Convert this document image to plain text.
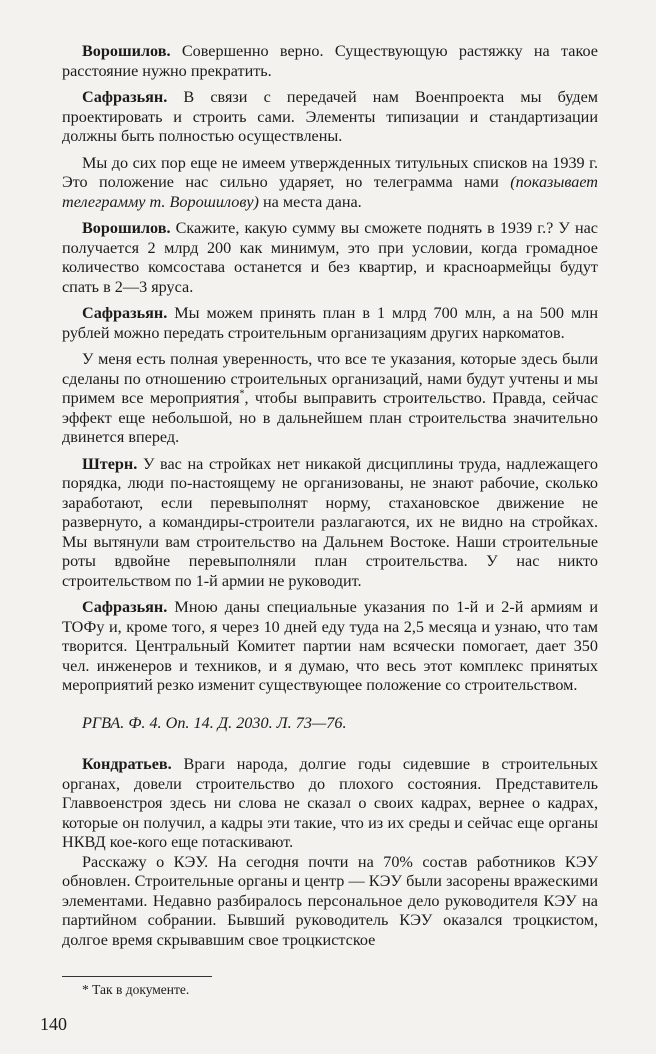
Ворошилов. Совершенно верно. Существующую растяжку на такое расстояние нужно прекратить.

Сафразьян. В связи с передачей нам Военпроекта мы будем проектировать и строить сами. Элементы типизации и стандартизации должны быть полностью осуществлены.

Мы до сих пор еще не имеем утвержденных титульных списков на 1939 г. Это положение нас сильно ударяет, но телеграмма нами (показывает телеграмму т. Ворошилову) на места дана.

Ворошилов. Скажите, какую сумму вы сможете поднять в 1939 г.? У нас получается 2 млрд 200 как минимум, это при условии, когда громадное количество комсостава останется и без квартир, и красноармейцы будут спать в 2—3 яруса.

Сафразьян. Мы можем принять план в 1 млрд 700 млн, а на 500 млн рублей можно передать строительным организациям других наркоматов.

У меня есть полная уверенность, что все те указания, которые здесь были сделаны по отношению строительных организаций, нами будут учтены и мы примем все мероприятия*, чтобы выправить строительство. Правда, сейчас эффект еще небольшой, но в дальнейшем план строительства значительно двинется вперед.

Штерн. У вас на стройках нет никакой дисциплины труда, надлежащего порядка, люди по-настоящему не организованы, не знают рабочие, сколько заработают, если перевыполнят норму, стахановское движение не развернуто, а командиры-строители разлагаются, их не видно на стройках. Мы вытянули вам строительство на Дальнем Востоке. Наши строительные роты вдвойне перевыполняли план строительства. У нас никто строительством по 1-й армии не руководит.

Сафразьян. Мною даны специальные указания по 1-й и 2-й армиям и ТОФу и, кроме того, я через 10 дней еду туда на 2,5 месяца и узнаю, что там творится. Центральный Комитет партии нам всячески помогает, дает 350 чел. инженеров и техников, и я думаю, что весь этот комплекс принятых мероприятий резко изменит существующее положение со строительством.

РГВА. Ф. 4. Оп. 14. Д. 2030. Л. 73—76.

Кондратьев. Враги народа, долгие годы сидевшие в строительных органах, довели строительство до плохого состояния. Представитель Главвоенстроя здесь ни слова не сказал о своих кадрах, вернее о кадрах, которые он получил, а кадры эти такие, что из их среды и сейчас еще органы НКВД кое-кого еще потаскивают.

Расскажу о КЭУ. На сегодня почти на 70% состав работников КЭУ обновлен. Строительные органы и центр — КЭУ были засорены вражескими элементами. Недавно разбиралось персональное дело руководителя КЭУ на партийном собрании. Бывший руководитель КЭУ оказался троцкистом, долгое время скрывавшим свое троцкистское

* Так в документе.
140
